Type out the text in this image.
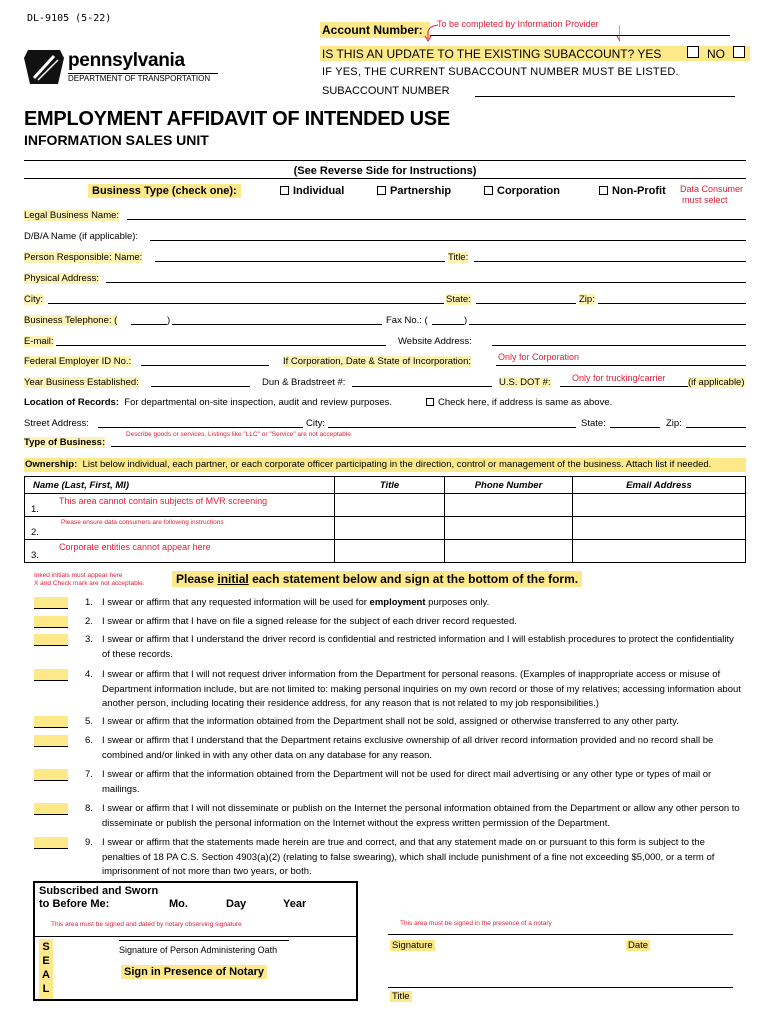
DL-9105 (5-22)
Account Number:	To be completed by Information Provider
IS THIS AN UPDATE TO THE EXISTING SUBACCOUNT? YES	NO
IF YES, THE CURRENT SUBACCOUNT NUMBER MUST BE LISTED.
SUBACCOUNT NUMBER
pennsylvania
DEPARTMENT OF TRANSPORTATION
EMPLOYMENT AFFIDAVIT OF INTENDED USE
INFORMATION SALES UNIT
(See Reverse Side for Instructions)
Business Type (check one):	Individual	Partnership	Corporation	Non-Profit Data Consumer
must select
Legal Business Name:
D/B/A Name (if applicable):
Person Responsible: Name:	Title:
Physical Address:
City:	State:	Zip:
Business Telephone: (	)	Fax No.: (	)
E-mail:	Website Address:
Federal Employer ID No.:	If Corporation, Date & State of Incorporation:	Only for Corporation
Year Business Established:	Dun & Bradstreet #:	U.S. DOT #: Only for trucking/carrier (if applicable)
Location of Records: For departmental on-site inspection, audit and review purposes.	Check here, if address is same as above.
Street Address:	City:	State:	Zip:
Type of Business:
Describe goods or services. Listings like "LLC" or "Service" are not acceptable.
Ownership: List below individual, each partner, or each corporate officer participating in the direction, control or management of the business. Attach list if needed.
Name (Last, First, MI)	Title	Phone Number	Email Address
1.
This area cannot contain subjects of MVR screening			

2.
Please ensure data consumers are following instructions			

3.
Corporate entities cannot appear here			

Inked initials must appear here
X and Check mark are not acceptable.	Please initial each statement below and sign at the bottom of the form.
1. I swear or affirm that any requested information will be used for employment purposes only.
2. I swear or affirm that I have on file a signed release for the subject of each driver record requested.
3. I swear or affirm that I understand the driver record is confidential and restricted information and I will establish procedures to protect the confidentiality of these records.
4. I swear or affirm that I will not request driver information from the Department for personal reasons. (Examples of inappropriate access or misuse of Department information include, but are not limited to: making personal inquiries on my own record or those of my relatives; accessing information about another person, including locating their residence address, for any reason that is not related to my job responsibilities.)
5. I swear or affirm that the information obtained from the Department shall not be sold, assigned or otherwise transferred to any other party.
6. I swear or affirm that I understand that the Department retains exclusive ownership of all driver record information provided and no record shall be combined and/or linked in with any other data on any database for any reason.
7. I swear or affirm that the information obtained from the Department will not be used for direct mail advertising or any other type or types of mail or mailings.
8. I swear or affirm that I will not disseminate or publish on the Internet the personal information obtained from the Department or allow any other person to disseminate or publish the personal information on the Internet without the express written permission of the Department.
9. I swear or affirm that the statements made herein are true and correct, and that any statement made on or pursuant to this form is subject to the penalties of 18 PA C.S. Section 4903(a)(2) (relating to false swearing), which shall include punishment of a fine not exceeding $5,000, or a term of imprisonment of not more than two years, or both.
Subscribed and Sworn
to Before Me:	Mo.	Day	Year
This area must be signed and dated by notary observing signature
S
E
A
L
Signature of Person Administering Oath
Sign in Presence of Notary
This area must be signed in the presence of a notary
Signature	Date
Title
